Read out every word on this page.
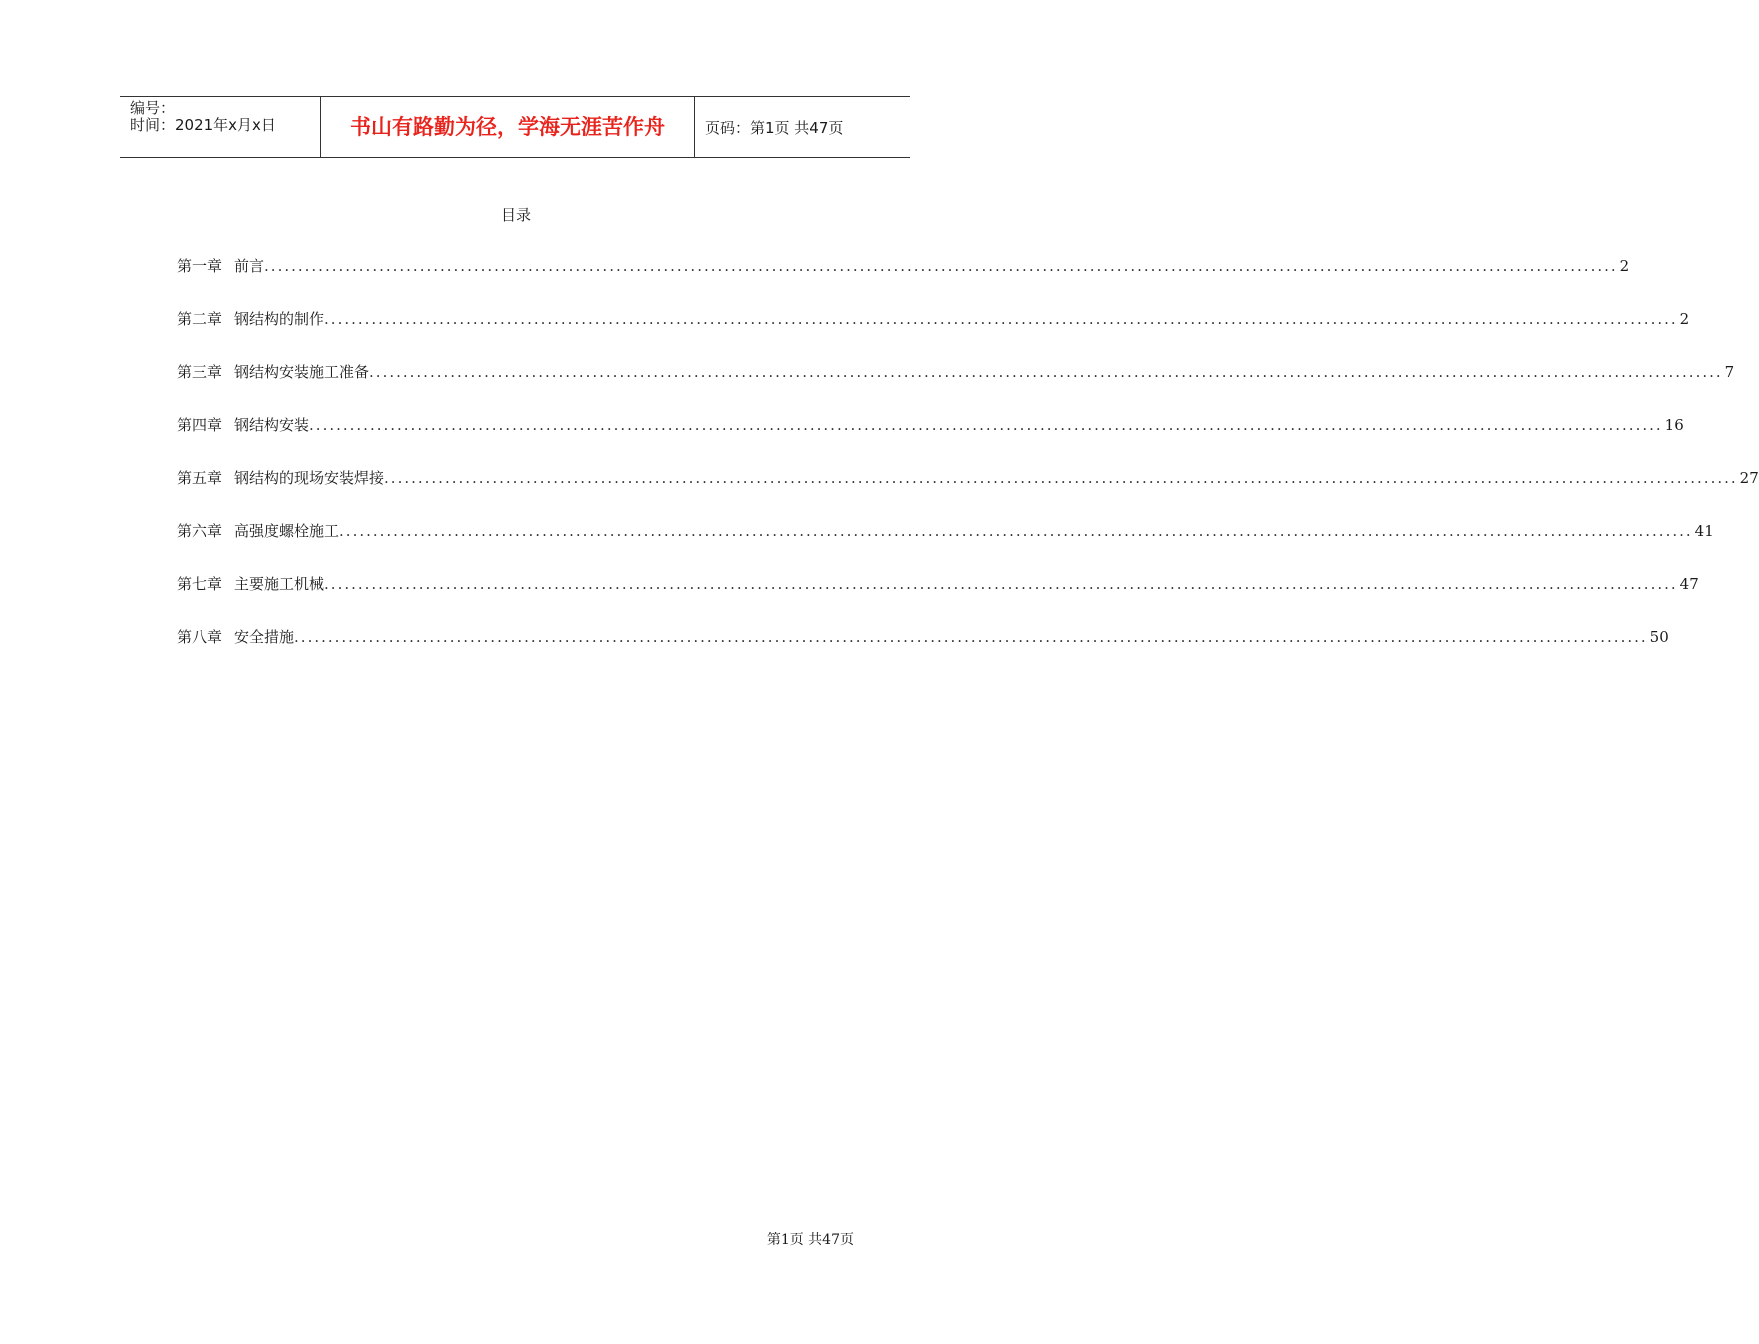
编号：
时间：2021年x月x日	书山有路勤为径，学海无涯苦作舟	页码：第1页 共47页
目录
第一章 前言 ........................................................................................................................................................................................................ 2
第二章 钢结构的制作 ........................................................................................................................................................................................................ 2
第三章 钢结构安装施工准备 ........................................................................................................................................................................................................ 7
第四章 钢结构安装 ........................................................................................................................................................................................................ 16
第五章 钢结构的现场安装焊接 ........................................................................................................................................................................................................ 27
第六章 高强度螺栓施工 ........................................................................................................................................................................................................ 41
第七章 主要施工机械 ........................................................................................................................................................................................................ 47
第八章 安全措施 ........................................................................................................................................................................................................ 50
第1页 共47页
